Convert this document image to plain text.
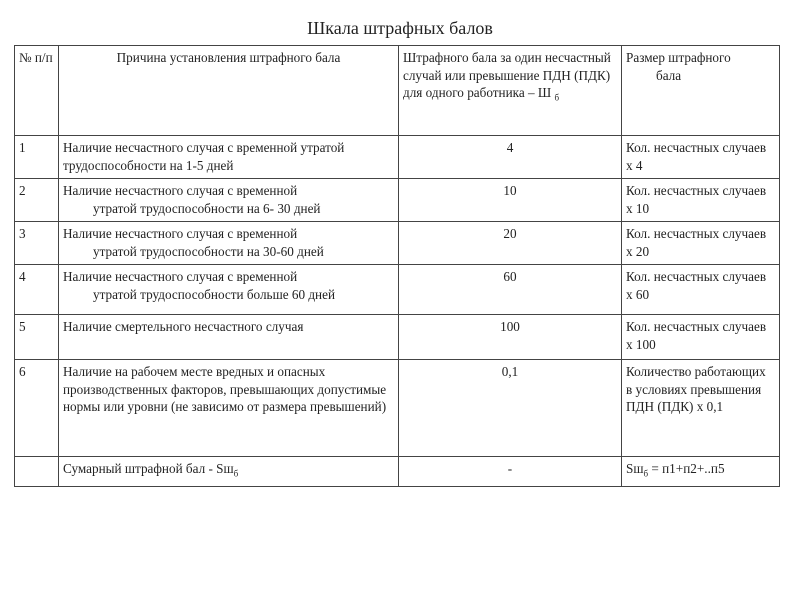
Шкала штрафных балов
№ п/п	Причина установления штрафного бала	Штрафного бала за один несчастный случай или превышение ПДН (ПДК) для одного работника – Ш $_б$	Размер штрафного
бала

1	Наличие несчастного случая с временной утратой трудоспособности на 1-5 дней	4	Кол. несчастных случаев х 4
2	Наличие несчастного случая с временной
утратой трудоспособности на 6- 30 дней	10	Кол. несчастных случаев х 10
3	Наличие несчастного случая с временной
утратой трудоспособности на 30-60 дней	20	Кол. несчастных случаев х 20
4	Наличие несчастного случая с временной
утратой трудоспособности больше 60 дней	60	Кол. несчастных случаев х 60
5	Наличие смертельного несчастного случая	100	Кол. несчастных случаев х 100
6	Наличие на рабочем месте вредных и опасных производственных факторов, превышающих допустимые нормы или уровни (не зависимо от размера превышений)	0,1	Количество работающих в условиях превышения ПДН (ПДК) х 0,1
	Сумарный штрафной бал - $Sш_б$	-	$Sш_б = п1+п2+..п5$
